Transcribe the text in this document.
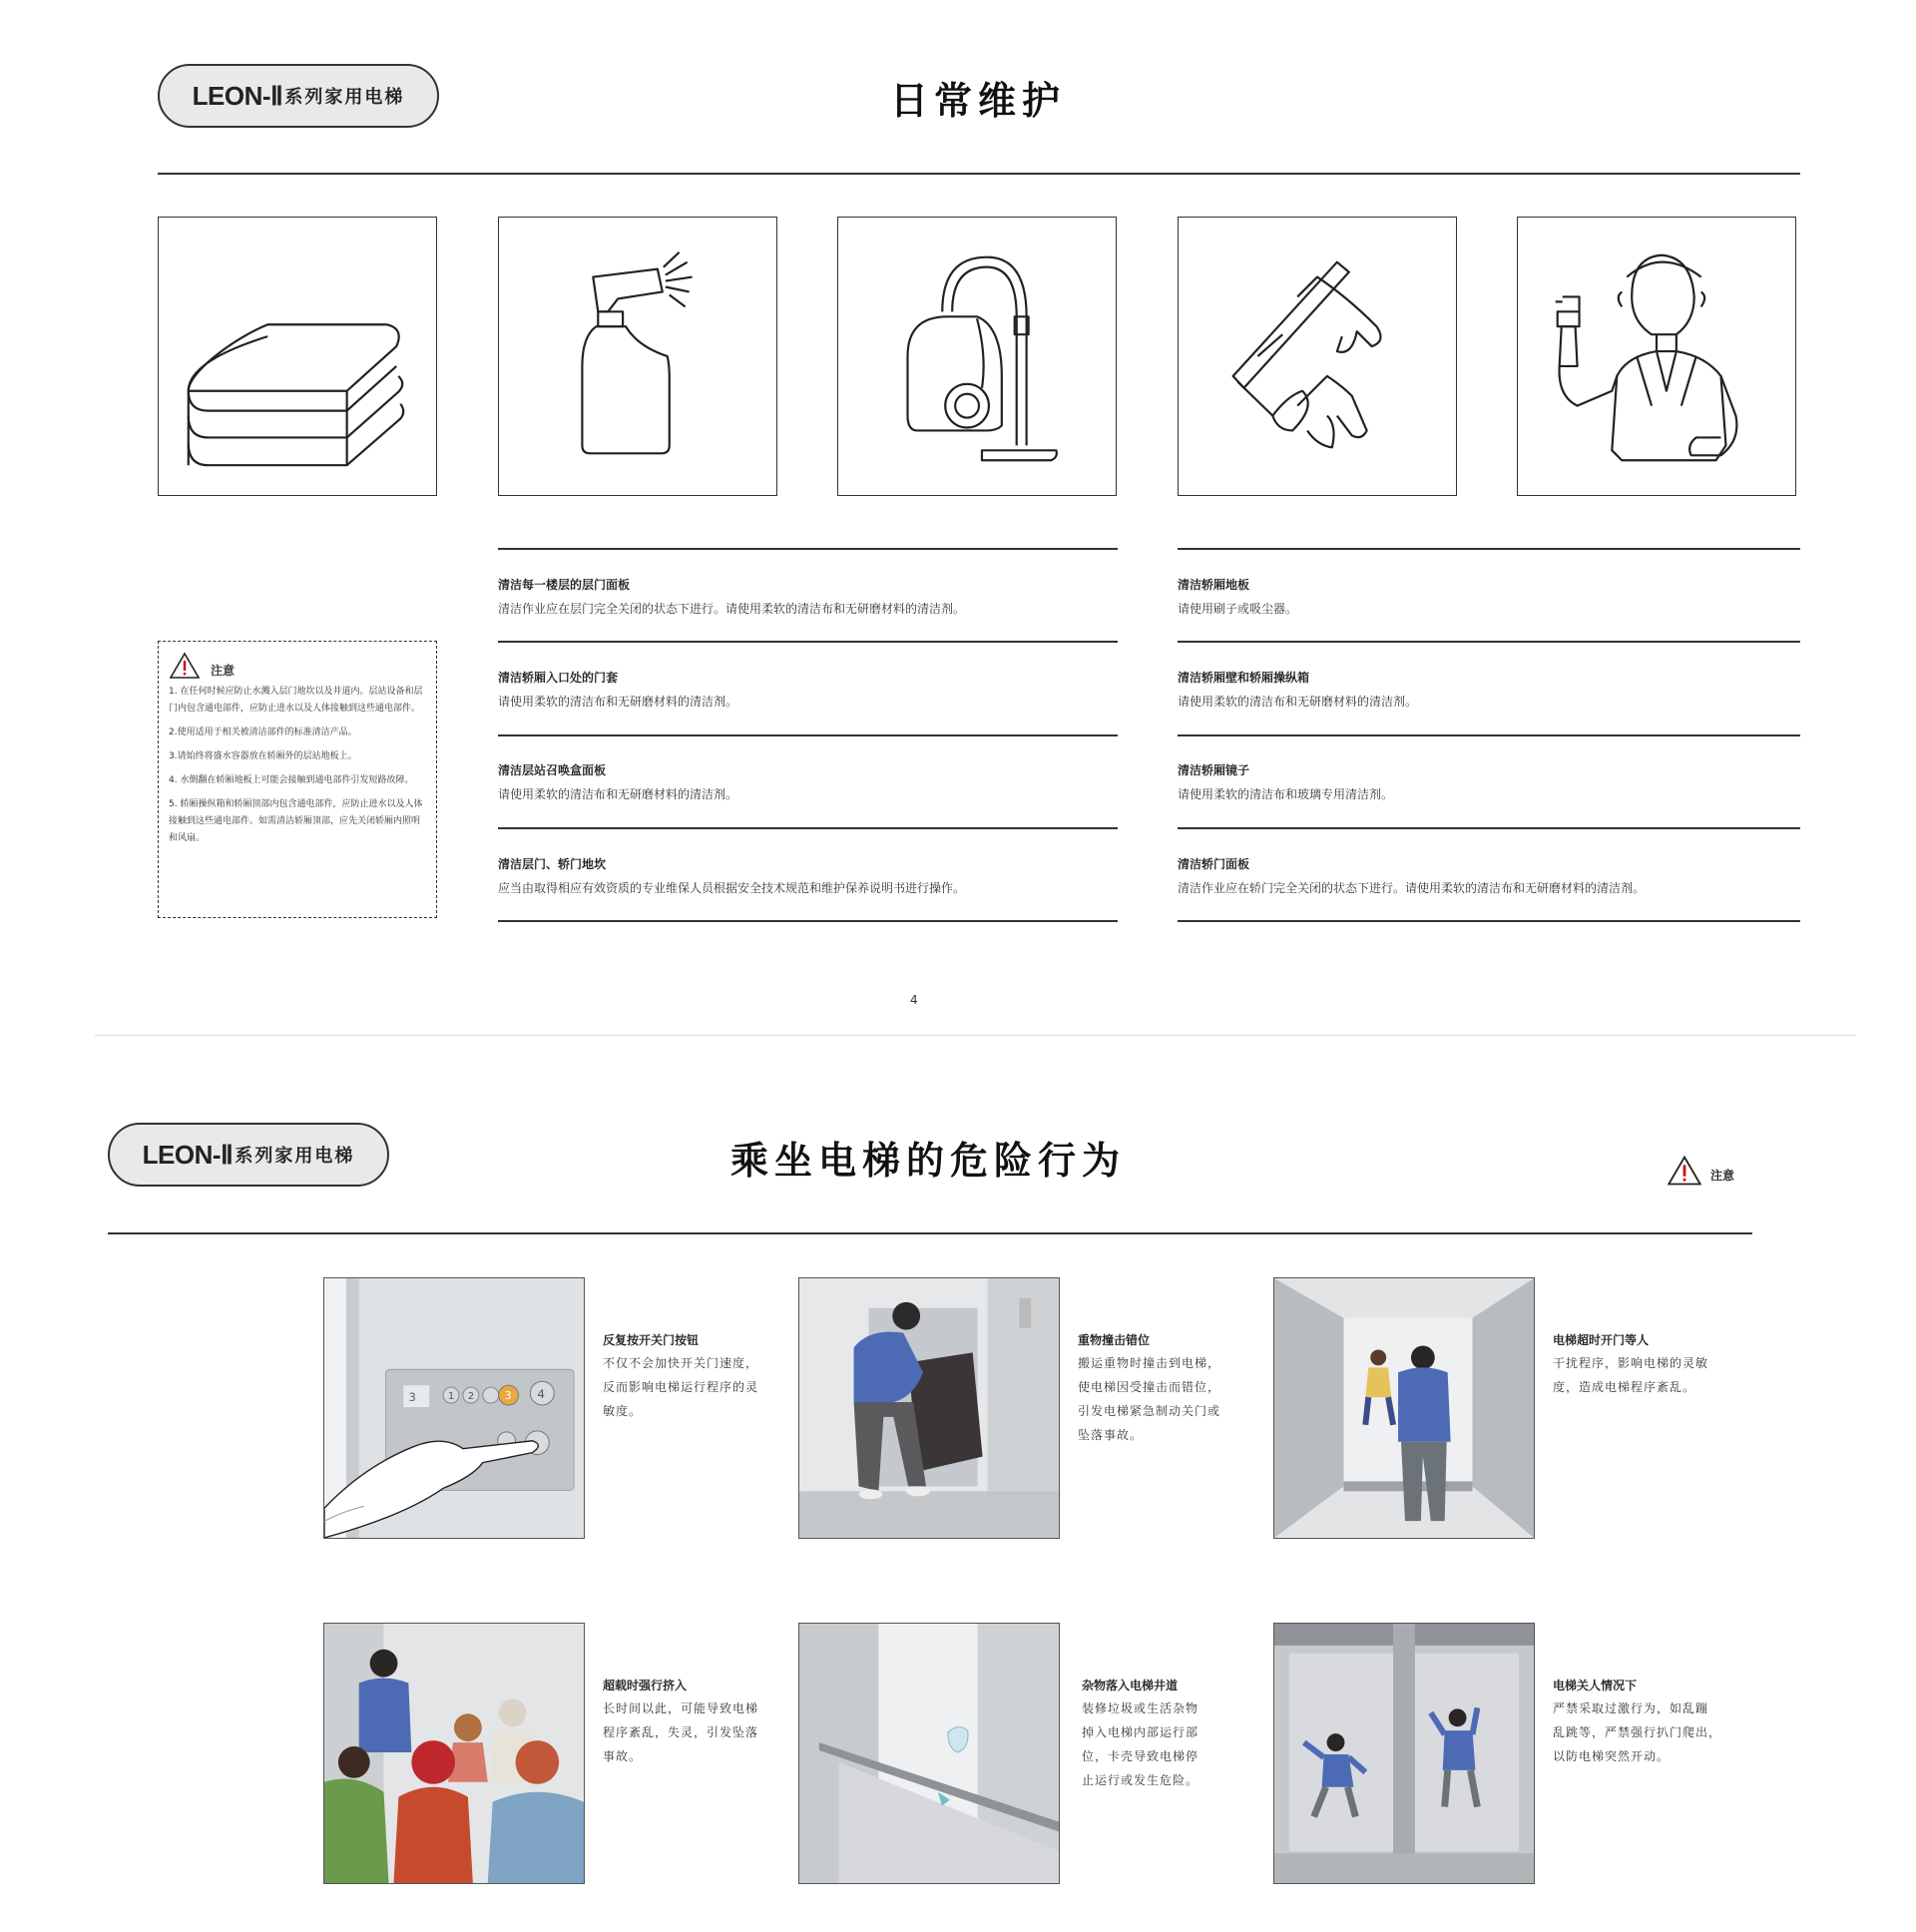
LEON-Ⅱ 系列家用电梯	日常维护
注意

1. 在任何时候应防止水溅入层门地坎以及井道内。层站设备和层门内包含通电部件，应防止进水以及人体接触到这些通电部件。

2.使用适用于相关被清洁部件的标准清洁产品。

3.请始终将盛水容器放在轿厢外的层站地板上。

4. 水倒翻在轿厢地板上可能会接触到通电部件引发短路故障。

5. 轿厢操纵箱和轿厢顶部内包含通电部件，应防止进水以及人体接触到这些通电部件。如需清洁轿厢顶部，应先关闭轿厢内照明和风扇。

清洁每一楼层的层门面板
清洁作业应在层门完全关闭的状态下进行。请使用柔软的清洁布和无研磨材料的清洁剂。
清洁轿厢入口处的门套
请使用柔软的清洁布和无研磨材料的清洁剂。
清洁层站召唤盒面板
请使用柔软的清洁布和无研磨材料的清洁剂。
清洁层门、轿门地坎
应当由取得相应有效资质的专业维保人员根据安全技术规范和维护保养说明书进行操作。
清洁轿厢地板
请使用刷子或吸尘器。
清洁轿厢壁和轿厢操纵箱
请使用柔软的清洁布和无研磨材料的清洁剂。
清洁轿厢镜子
请使用柔软的清洁布和玻璃专用清洁剂。
清洁轿门面板
清洁作业应在轿门完全关闭的状态下进行。请使用柔软的清洁布和无研磨材料的清洁剂。
4
LEON-Ⅱ 系列家用电梯	乘坐电梯的危险行为	注意
3	1 2	3 4
反复按开关门按钮
不仅不会加快开关门速度，
反而影响电梯运行程序的灵
敏度。
重物撞击错位
搬运重物时撞击到电梯，
使电梯因受撞击而错位，
引发电梯紧急制动关门或
坠落事故。
电梯超时开门等人
干扰程序，影响电梯的灵敏
度，造成电梯程序紊乱。
超载时强行挤入
长时间以此，可能导致电梯
程序紊乱，失灵，引发坠落
事故。
杂物落入电梯井道
装修垃圾或生活杂物
掉入电梯内部运行部
位，卡壳导致电梯停
止运行或发生危险。
电梯关人情况下
严禁采取过激行为，如乱蹦
乱跳等，严禁强行扒门爬出，
以防电梯突然开动。
